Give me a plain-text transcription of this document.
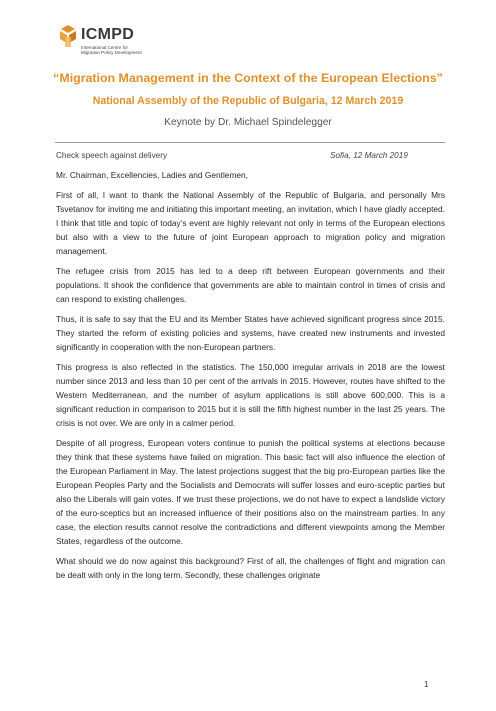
ICMPD
International Centre for
Migration Policy Development
“Migration Management in the Context of the European Elections”
National Assembly of the Republic of Bulgaria, 12 March 2019
Keynote by Dr. Michael Spindelegger
Check speech against delivery	Sofia, 12 March 2019

Mr. Chairman, Excellencies, Ladies and Gentlemen,

First of all, I want to thank the National Assembly of the Republic of Bulgaria, and personally Mrs Tsvetanov for inviting me and initiating this important meeting, an invitation, which I have gladly accepted. I think that title and topic of today’s event are highly relevant not only in terms of the European elections but also with a view to the future of joint European approach to migration policy and migration management.

The refugee crisis from 2015 has led to a deep rift between European governments and their populations. It shook the confidence that governments are able to maintain control in times of crisis and can respond to existing challenges.

Thus, it is safe to say that the EU and its Member States have achieved significant progress since 2015. They started the reform of existing policies and systems, have created new instruments and invested significantly in cooperation with the non-European partners.

This progress is also reflected in the statistics. The 150,000 irregular arrivals in 2018 are the lowest number since 2013 and less than 10 per cent of the arrivals in 2015. However, routes have shifted to the Western Mediterranean, and the number of asylum applications is still above 600,000. This is a significant reduction in comparison to 2015 but it is still the fifth highest number in the last 25 years. The crisis is not over. We are only in a calmer period.

Despite of all progress, European voters continue to punish the political systems at elections because they think that these systems have failed on migration. This basic fact will also influence the election of the European Parliament in May. The latest projections suggest that the big pro-European parties like the European Peoples Party and the Socialists and Democrats will suffer losses and euro-sceptic parties but also the Liberals will gain votes. If we trust these projections, we do not have to expect a landslide victory of the euro-sceptics but an increased influence of their positions also on the mainstream parties. In any case, the election results cannot resolve the contradictions and different viewpoints among the Member States, regardless of the outcome.

What should we do now against this background? First of all, the challenges of flight and migration can be dealt with only in the long term. Secondly, these challenges originate

1
